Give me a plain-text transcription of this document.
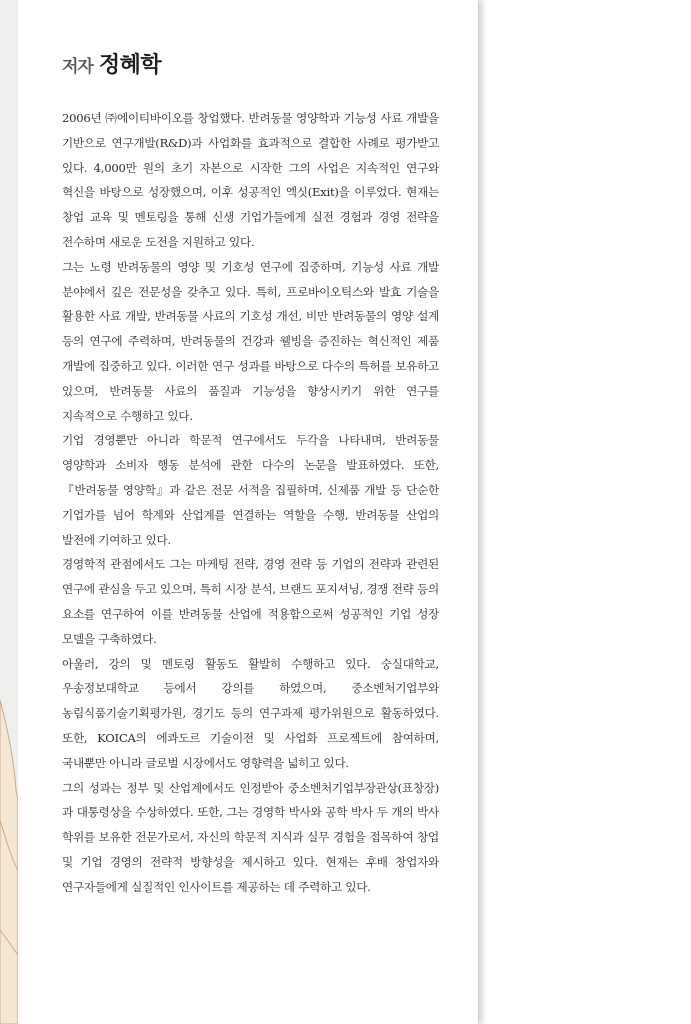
저자 정혜학

2006년 ㈜에이티바이오를 창업했다. 반려동물 영양학과 기능성 사료 개발을 기반으로 연구개발(R&D)과 사업화를 효과적으로 결합한 사례로 평가받고 있다. 4,000만 원의 초기 자본으로 시작한 그의 사업은 지속적인 연구와 혁신을 바탕으로 성장했으며, 이후 성공적인 엑싯(Exit)을 이루었다. 현재는 창업 교육 및 멘토링을 통해 신생 기업가들에게 실전 경험과 경영 전략을 전수하며 새로운 도전을 지원하고 있다.

그는 노령 반려동물의 영양 및 기호성 연구에 집중하며, 기능성 사료 개발 분야에서 깊은 전문성을 갖추고 있다. 특히, 프로바이오틱스와 발효 기술을 활용한 사료 개발, 반려동물 사료의 기호성 개선, 비만 반려동물의 영양 설계 등의 연구에 주력하며, 반려동물의 건강과 웰빙을 증진하는 혁신적인 제품 개발에 집중하고 있다. 이러한 연구 성과를 바탕으로 다수의 특허를 보유하고 있으며, 반려동물 사료의 품질과 기능성을 향상시키기 위한 연구를 지속적으로 수행하고 있다.

기업 경영뿐만 아니라 학문적 연구에서도 두각을 나타내며, 반려동물 영양학과 소비자 행동 분석에 관한 다수의 논문을 발표하였다. 또한, 『반려동물 영양학』과 같은 전문 서적을 집필하며, 신제품 개발 등 단순한 기업가를 넘어 학계와 산업계를 연결하는 역할을 수행, 반려동물 산업의 발전에 기여하고 있다.

경영학적 관점에서도 그는 마케팅 전략, 경영 전략 등 기업의 전략과 관련된 연구에 관심을 두고 있으며, 특히 시장 분석, 브랜드 포지셔닝, 경쟁 전략 등의 요소를 연구하여 이를 반려동물 산업에 적용함으로써 성공적인 기업 성장 모델을 구축하였다.

아울러, 강의 및 멘토링 활동도 활발히 수행하고 있다. 숭실대학교, 우송정보대학교 등에서 강의를 하였으며, 중소벤처기업부와 농림식품기술기획평가원, 경기도 등의 연구과제 평가위원으로 활동하였다. 또한, KOICA의 에콰도르 기술이전 및 사업화 프로젝트에 참여하며, 국내뿐만 아니라 글로벌 시장에서도 영향력을 넓히고 있다.

그의 성과는 정부 및 산업계에서도 인정받아 중소벤처기업부장관상(표창장)과 대통령상을 수상하였다. 또한, 그는 경영학 박사와 공학 박사 두 개의 박사 학위를 보유한 전문가로서, 자신의 학문적 지식과 실무 경험을 접목하여 창업 및 기업 경영의 전략적 방향성을 제시하고 있다. 현재는 후배 창업자와 연구자들에게 실질적인 인사이트를 제공하는 데 주력하고 있다.
